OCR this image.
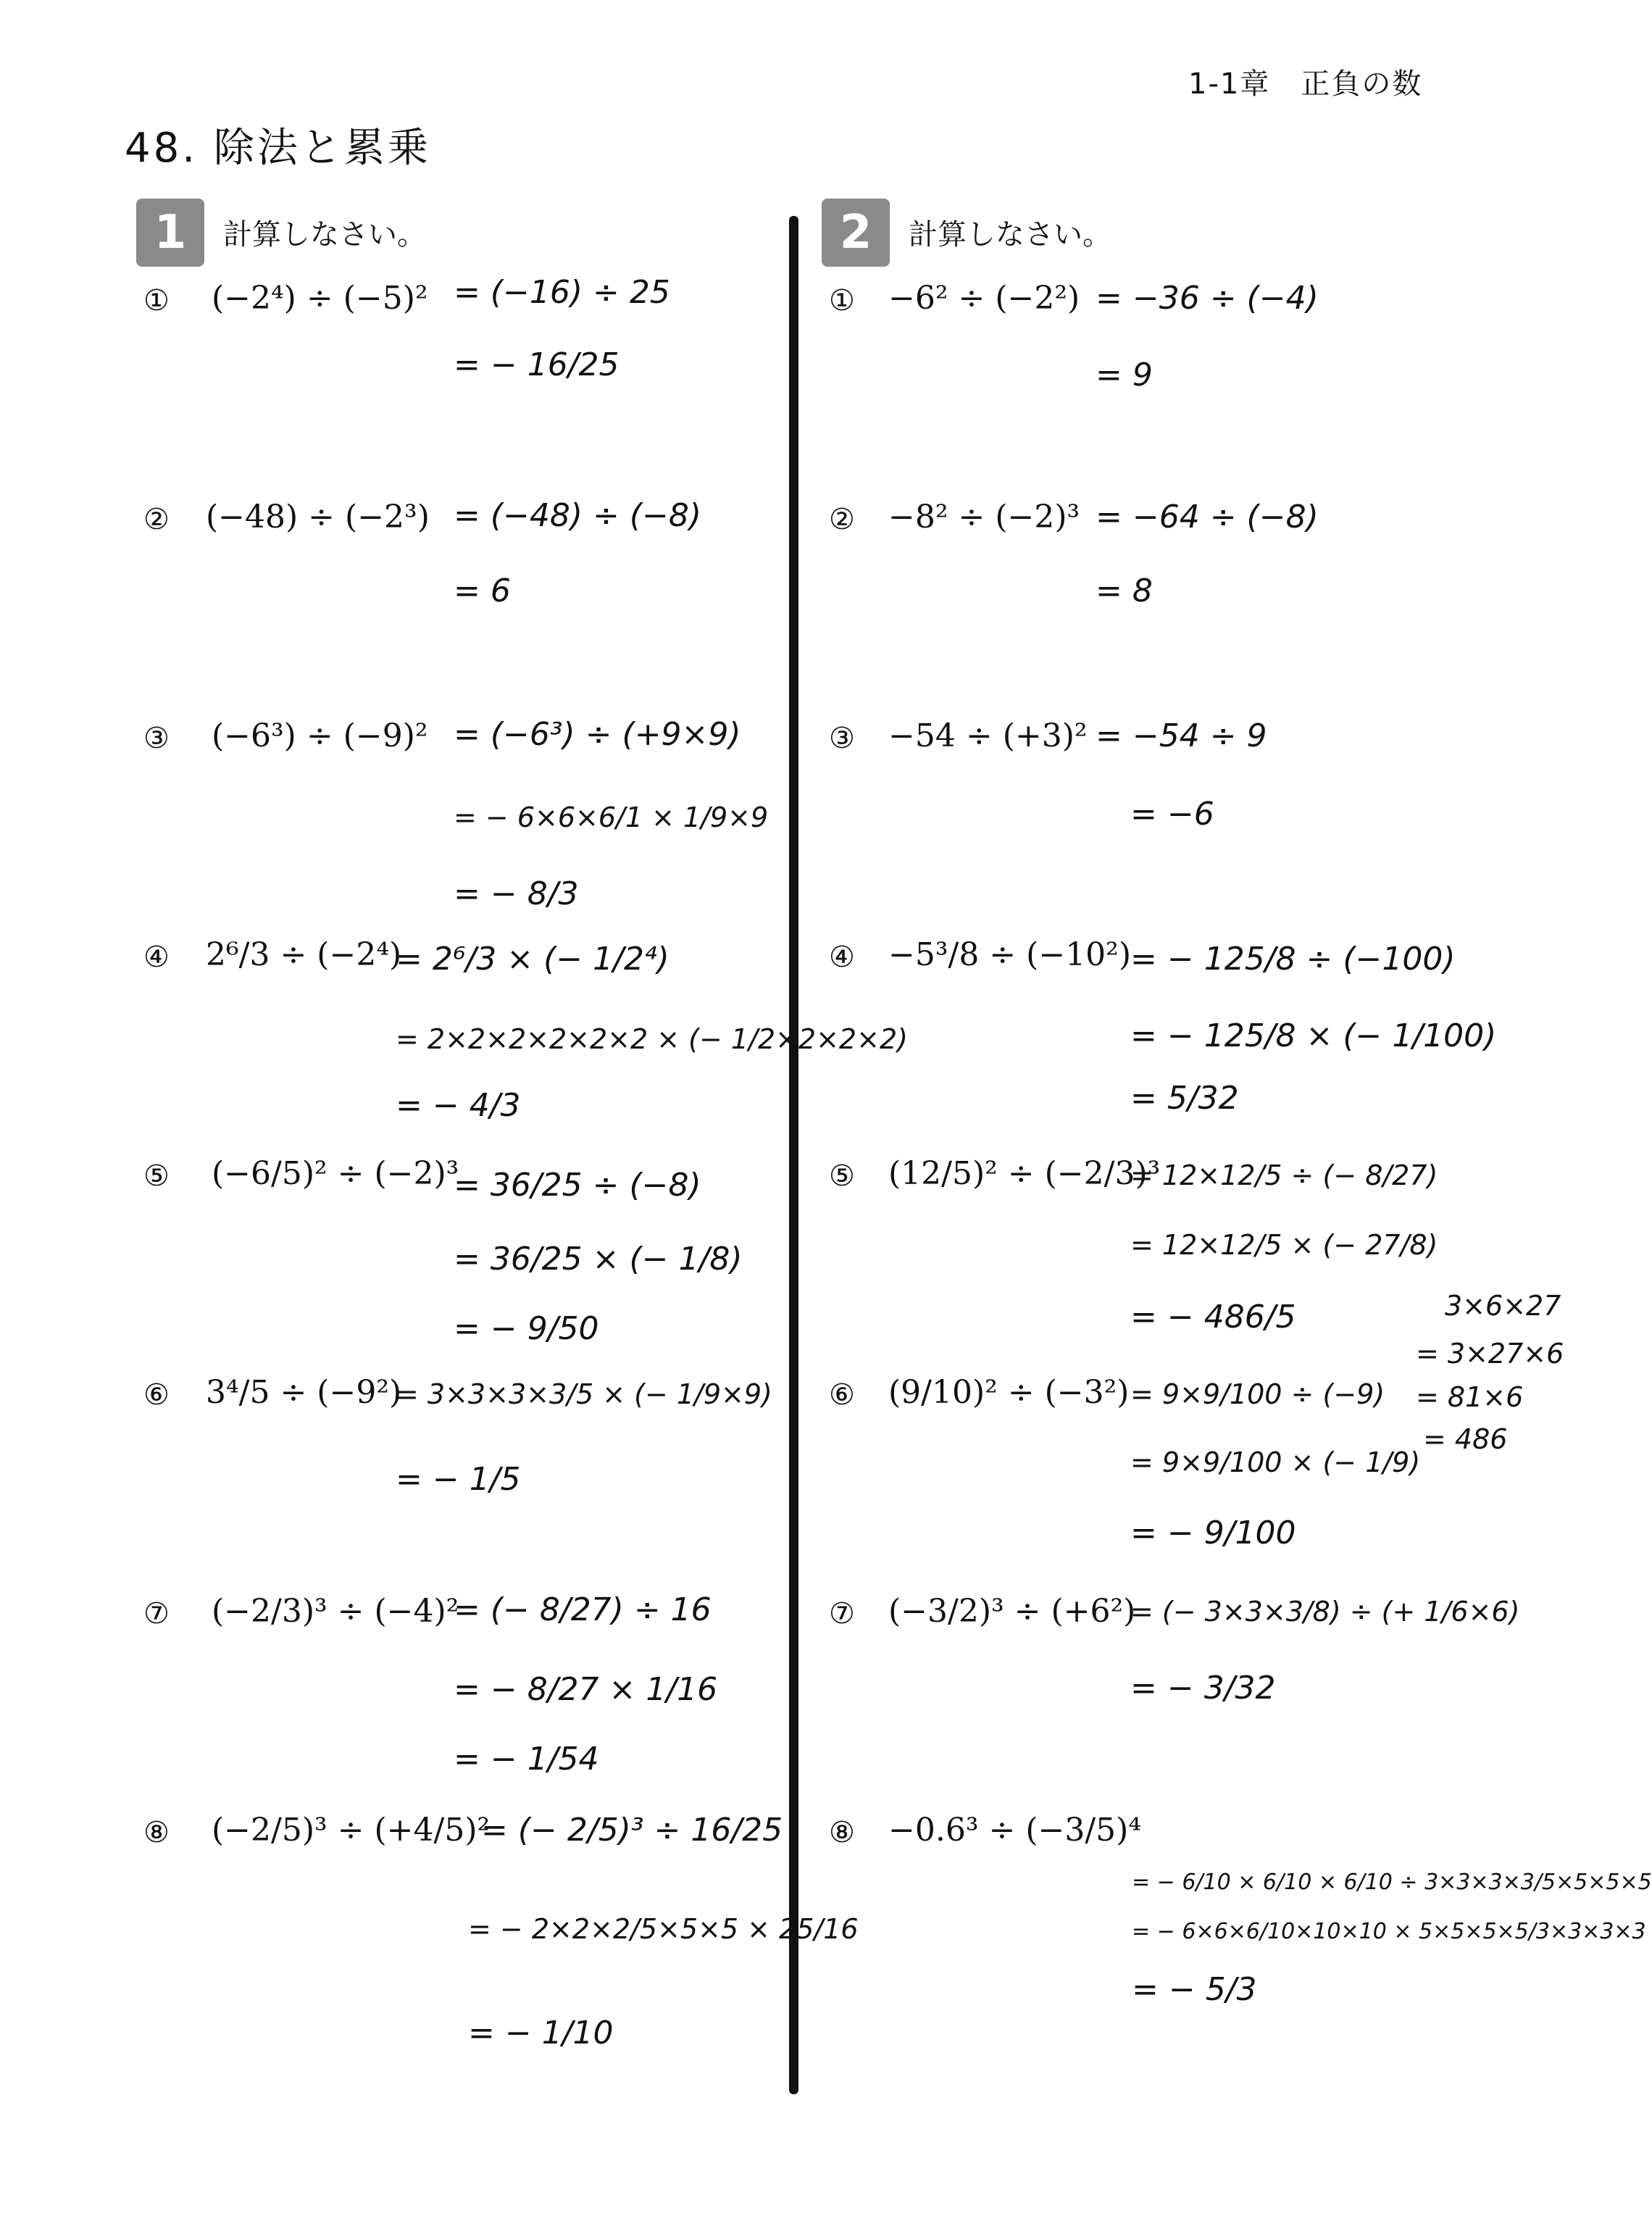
1-1章　正負の数
48. 除法と累乗
1	計算しなさい。	2	計算しなさい。
① (−2⁴) ÷ (−5)² = (−16) ÷ 25
= − 16/25
② (−48) ÷ (−2³) = (−48) ÷ (−8)
= 6
③ (−6³) ÷ (−9)² = (−6³) ÷ (+9×9)
= − 6×6×6/1 × 1/9×9
= − 8/3
④ 2⁶/3 ÷ (−2⁴)
= 2⁶/3 × (− 1/2⁴)
= 2×2×2×2×2×2 × (− 1/2×2×2×2)
= − 4/3
⑤ (−6/5)² ÷ (−2)³
= 36/25 ÷ (−8)
= 36/25 × (− 1/8)
= − 9/50
⑥ 3⁴/5 ÷ (−9²)
= 3×3×3×3/5 × (− 1/9×9)
= − 1/5
⑦ (−2/3)³ ÷ (−4)²
= (− 8/27) ÷ 16
= − 8/27 × 1/16
= − 1/54
⑧ (−2/5)³ ÷ (+4/5)²
= (− 2/5)³ ÷ 16/25
= − 2×2×2/5×5×5 × 25/16
= − 1/10
① −6² ÷ (−2²) = −36 ÷ (−4)
= 9
② −8² ÷ (−2)³ = −64 ÷ (−8)
= 8
③ −54 ÷ (+3)² = −54 ÷ 9
= −6
④ −5³/8 ÷ (−10²) = − 125/8 ÷ (−100)
= − 125/8 × (− 1/100)
= 5/32
⑤ (12/5)² ÷ (−2/3)³
= 12×12/5 ÷ (− 8/27)
= 12×12/5 × (− 27/8)
= − 486/5	3×6×27
= 3×27×6
= 81×6
= 486
⑥ (9/10)² ÷ (−3²) = 9×9/100 ÷ (−9)
= 9×9/100 × (− 1/9)
= − 9/100
⑦ (−3/2)³ ÷ (+6²)
= (− 3×3×3/8) ÷ (+ 1/6×6)
= − 3/32
⑧ −0.6³ ÷ (−3/5)⁴
= − 6/10 × 6/10 × 6/10 ÷ 3×3×3×3/5×5×5×5
= − 6×6×6/10×10×10 × 5×5×5×5/3×3×3×3
= − 5/3
